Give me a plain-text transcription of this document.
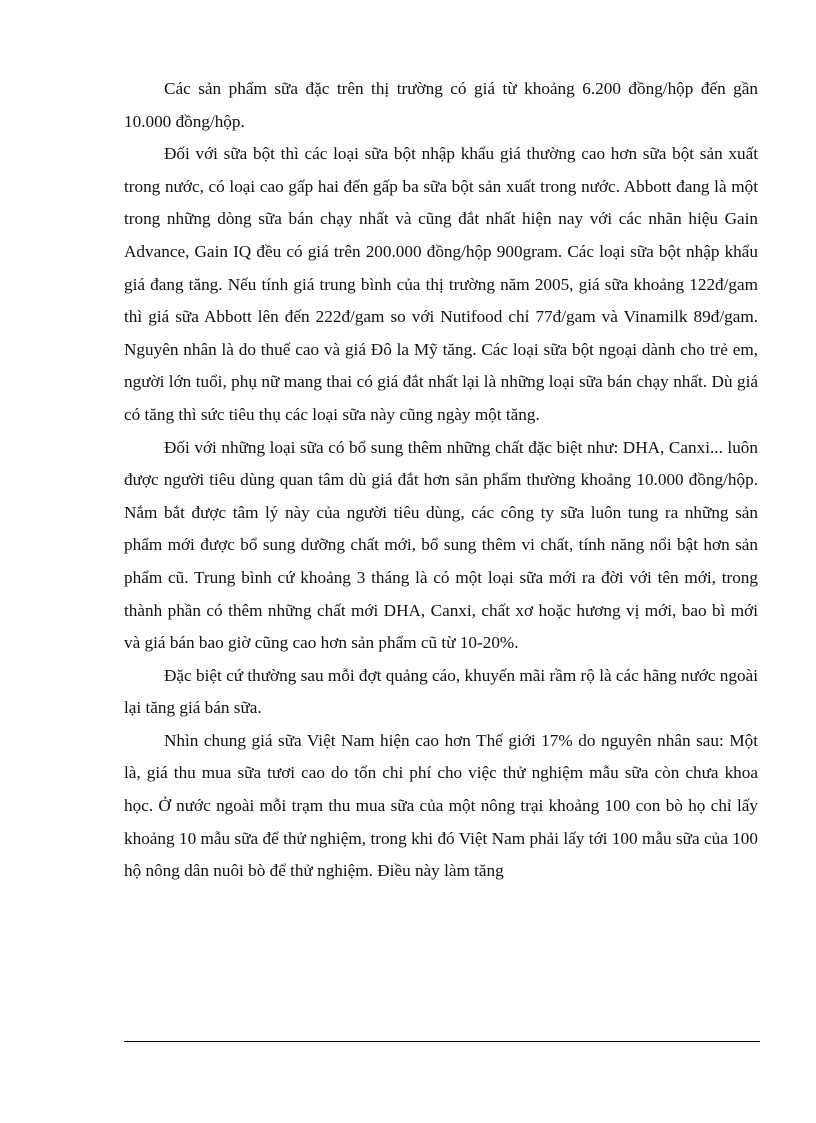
Các sản phẩm sữa đặc trên thị trường có giá từ khoảng 6.200 đồng/hộp đến gần 10.000 đồng/hộp.

Đối với sữa bột thì các loại sữa bột nhập khẩu giá thường cao hơn sữa bột sản xuất trong nước, có loại cao gấp hai đến gấp ba sữa bột sản xuất trong nước. Abbott đang là một trong những dòng sữa bán chạy nhất và cũng đắt nhất hiện nay với các nhãn hiệu Gain Advance, Gain IQ đều có giá trên 200.000 đồng/hộp 900gram. Các loại sữa bột nhập khẩu giá đang tăng. Nếu tính giá trung bình của thị trường năm 2005, giá sữa khoảng 122đ/gam thì giá sữa Abbott lên đến 222đ/gam so với Nutifood chỉ 77đ/gam và Vinamilk 89đ/gam. Nguyên nhân là do thuế cao và giá Đô la Mỹ tăng. Các loại sữa bột ngoại dành cho trẻ em, người lớn tuổi, phụ nữ mang thai có giá đắt nhất lại là những loại sữa bán chạy nhất. Dù giá có tăng thì sức tiêu thụ các loại sữa này cũng ngày một tăng.

Đối với những loại sữa có bổ sung thêm những chất đặc biệt như: DHA, Canxi... luôn được người tiêu dùng quan tâm dù giá đắt hơn sản phẩm thường khoảng 10.000 đồng/hộp. Nắm bắt được tâm lý này của người tiêu dùng, các công ty sữa luôn tung ra những sản phẩm mới được bổ sung dưỡng chất mới, bổ sung thêm vi chất, tính năng nổi bật hơn sản phẩm cũ. Trung bình cứ khoảng 3 tháng là có một loại sữa mới ra đời với tên mới, trong thành phần có thêm những chất mới DHA, Canxi, chất xơ hoặc hương vị mới, bao bì mới và giá bán bao giờ cũng cao hơn sản phẩm cũ từ 10-20%.

Đặc biệt cứ thường sau mỗi đợt quảng cáo, khuyến mãi rầm rộ là các hãng nước ngoài lại tăng giá bán sữa.

Nhìn chung giá sữa Việt Nam hiện cao hơn Thế giới 17% do nguyên nhân sau: Một là, giá thu mua sữa tươi cao do tốn chi phí cho việc thử nghiệm mẫu sữa còn chưa khoa học. Ở nước ngoài mỗi trạm thu mua sữa của một nông trại khoảng 100 con bò họ chỉ lấy khoảng 10 mẫu sữa để thử nghiệm, trong khi đó Việt Nam phải lấy tới 100 mẫu sữa của 100 hộ nông dân nuôi bò để thử nghiệm. Điều này làm tăng
